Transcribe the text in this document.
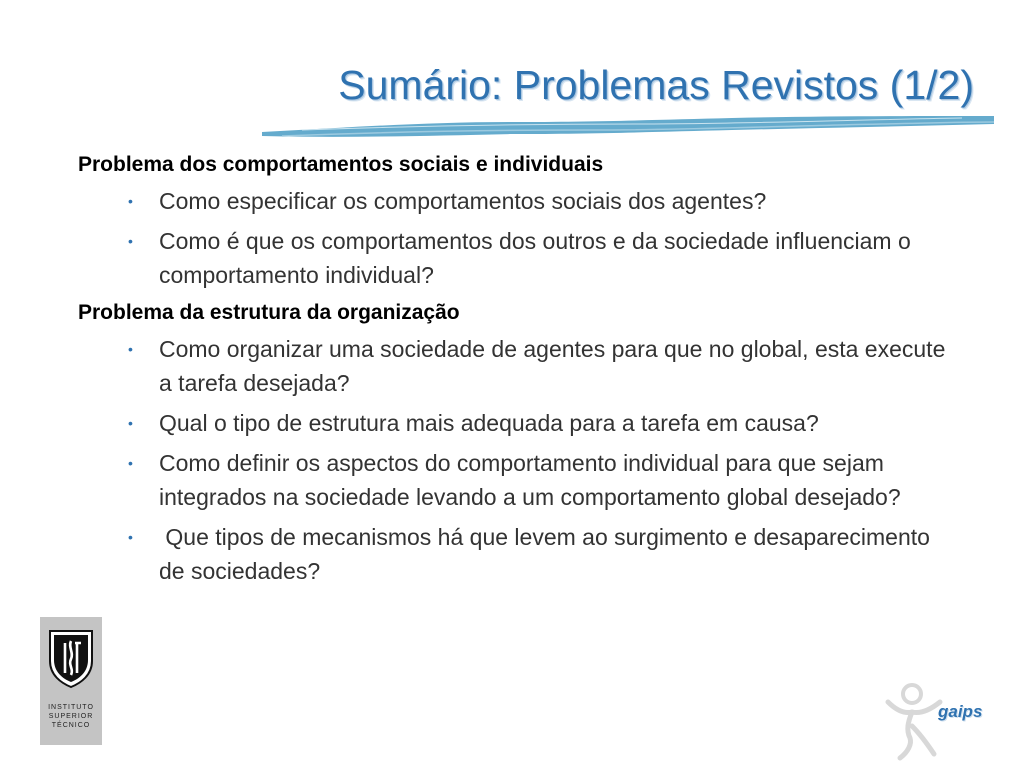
Sumário: Problemas Revistos (1/2)

Problema dos comportamentos sociais e individuais

• Como especificar os comportamentos sociais dos agentes?
• Como é que os comportamentos dos outros e da sociedade influenciam o comportamento individual?

Problema da estrutura da organização

• Como organizar uma sociedade de agentes para que no global, esta execute a tarefa desejada?
• Qual o tipo de estrutura mais adequada para a tarefa em causa?
• Como definir os aspectos do comportamento individual para que sejam integrados na sociedade levando a um comportamento global desejado?
• Que tipos de mecanismos há que levem ao surgimento e desaparecimento de sociedades?
IST
INSTITUTO
SUPERIOR
TÉCNICO
gaips
